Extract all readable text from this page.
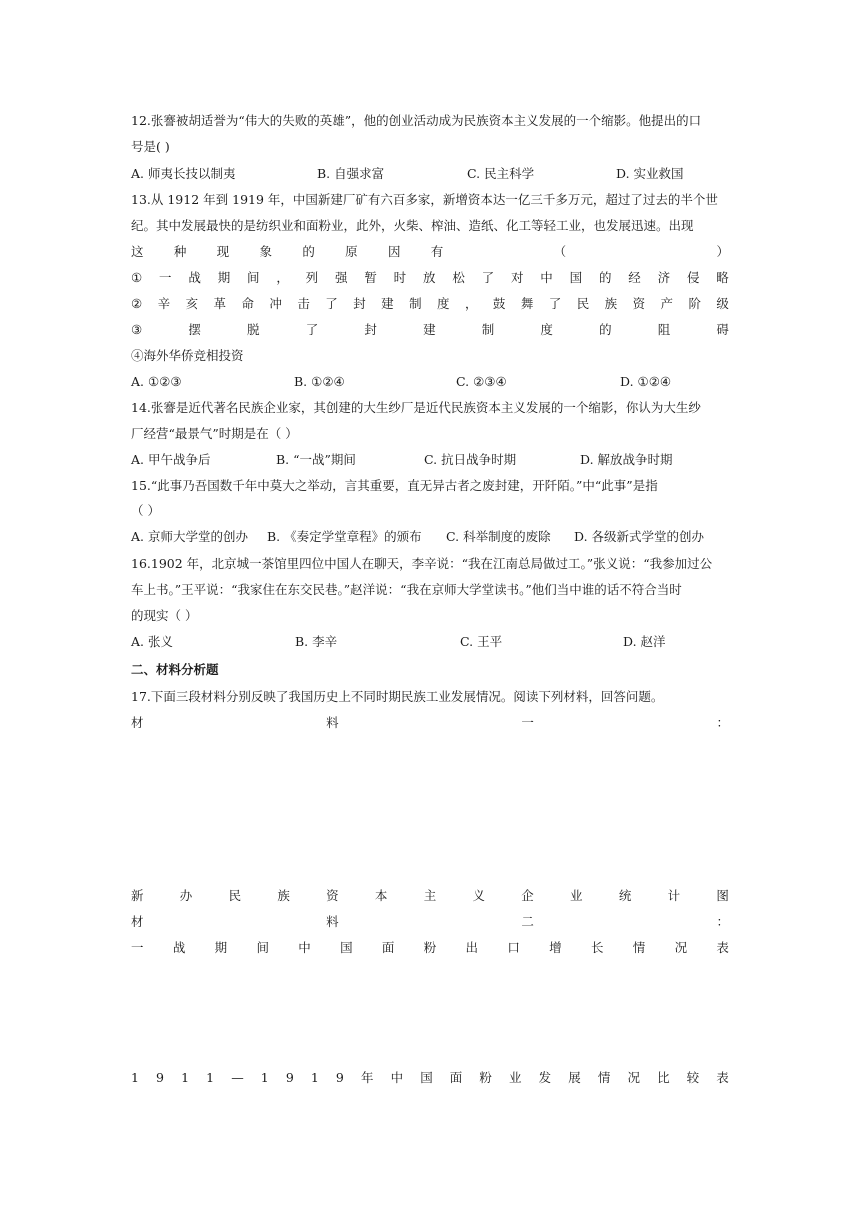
12.张謇被胡适誉为“伟大的失败的英雄”，他的创业活动成为民族资本主义发展的一个缩影。他提出的口
号是( )
A. 师夷长技以制夷	B. 自强求富	C. 民主科学	D. 实业救国
13.从 1912 年到 1919 年，中国新建厂矿有六百多家，新增资本达一亿三千多万元，超过了过去的半个世
纪。其中发展最快的是纺织业和面粉业，此外，火柴、榨油、造纸、化工等轻工业，也发展迅速。出现
这 种 现 象 的 原 因 有	（	）
① 一 战 期 间 ， 列 强 暂 时 放 松 了 对 中 国 的 经 济 侵 略
② 辛 亥 革 命 冲 击 了 封 建 制 度 ， 鼓 舞 了 民 族 资 产 阶 级
③	摆	脱	了	封	建	制	度	的	阻	碍
④海外华侨竞相投资
A. ①②③	B. ①②④	C. ②③④	D. ①②④
14.张謇是近代著名民族企业家，其创建的大生纱厂是近代民族资本主义发展的一个缩影，你认为大生纱
厂经营“最景气”时期是在（ ）
A. 甲午战争后	B. “一战”期间	C. 抗日战争时期	D. 解放战争时期
15.“此事乃吾国数千年中莫大之举动，言其重要，直无异古者之废封建，开阡陌。”中“此事”是指
（ ）
A. 京师大学堂的创办 B. 《奏定学堂章程》的颁布 C. 科举制度的废除 D. 各级新式学堂的创办
16.1902 年，北京城一茶馆里四位中国人在聊天，李辛说：“我在江南总局做过工。”张义说：“我参加过公
车上书。”王平说：“我家住在东交民巷。”赵洋说：“我在京师大学堂读书。”他们当中谁的话不符合当时
的现实（ ）
A. 张义	B. 李辛	C. 王平	D. 赵洋
二、材料分析题
17.下面三段材料分别反映了我国历史上不同时期民族工业发展情况。阅读下列材料，回答问题。
材	料	一	：
新	办	民	族	资	本	主	义	企	业	统	计	图
材	料	二	：
一 战 期 间 中 国 面 粉 出 口 增 长 情 况 表
1 9 1 1 — 1 9 1 9 年 中 国 面 粉 业 发 展 情 况 比 较 表
